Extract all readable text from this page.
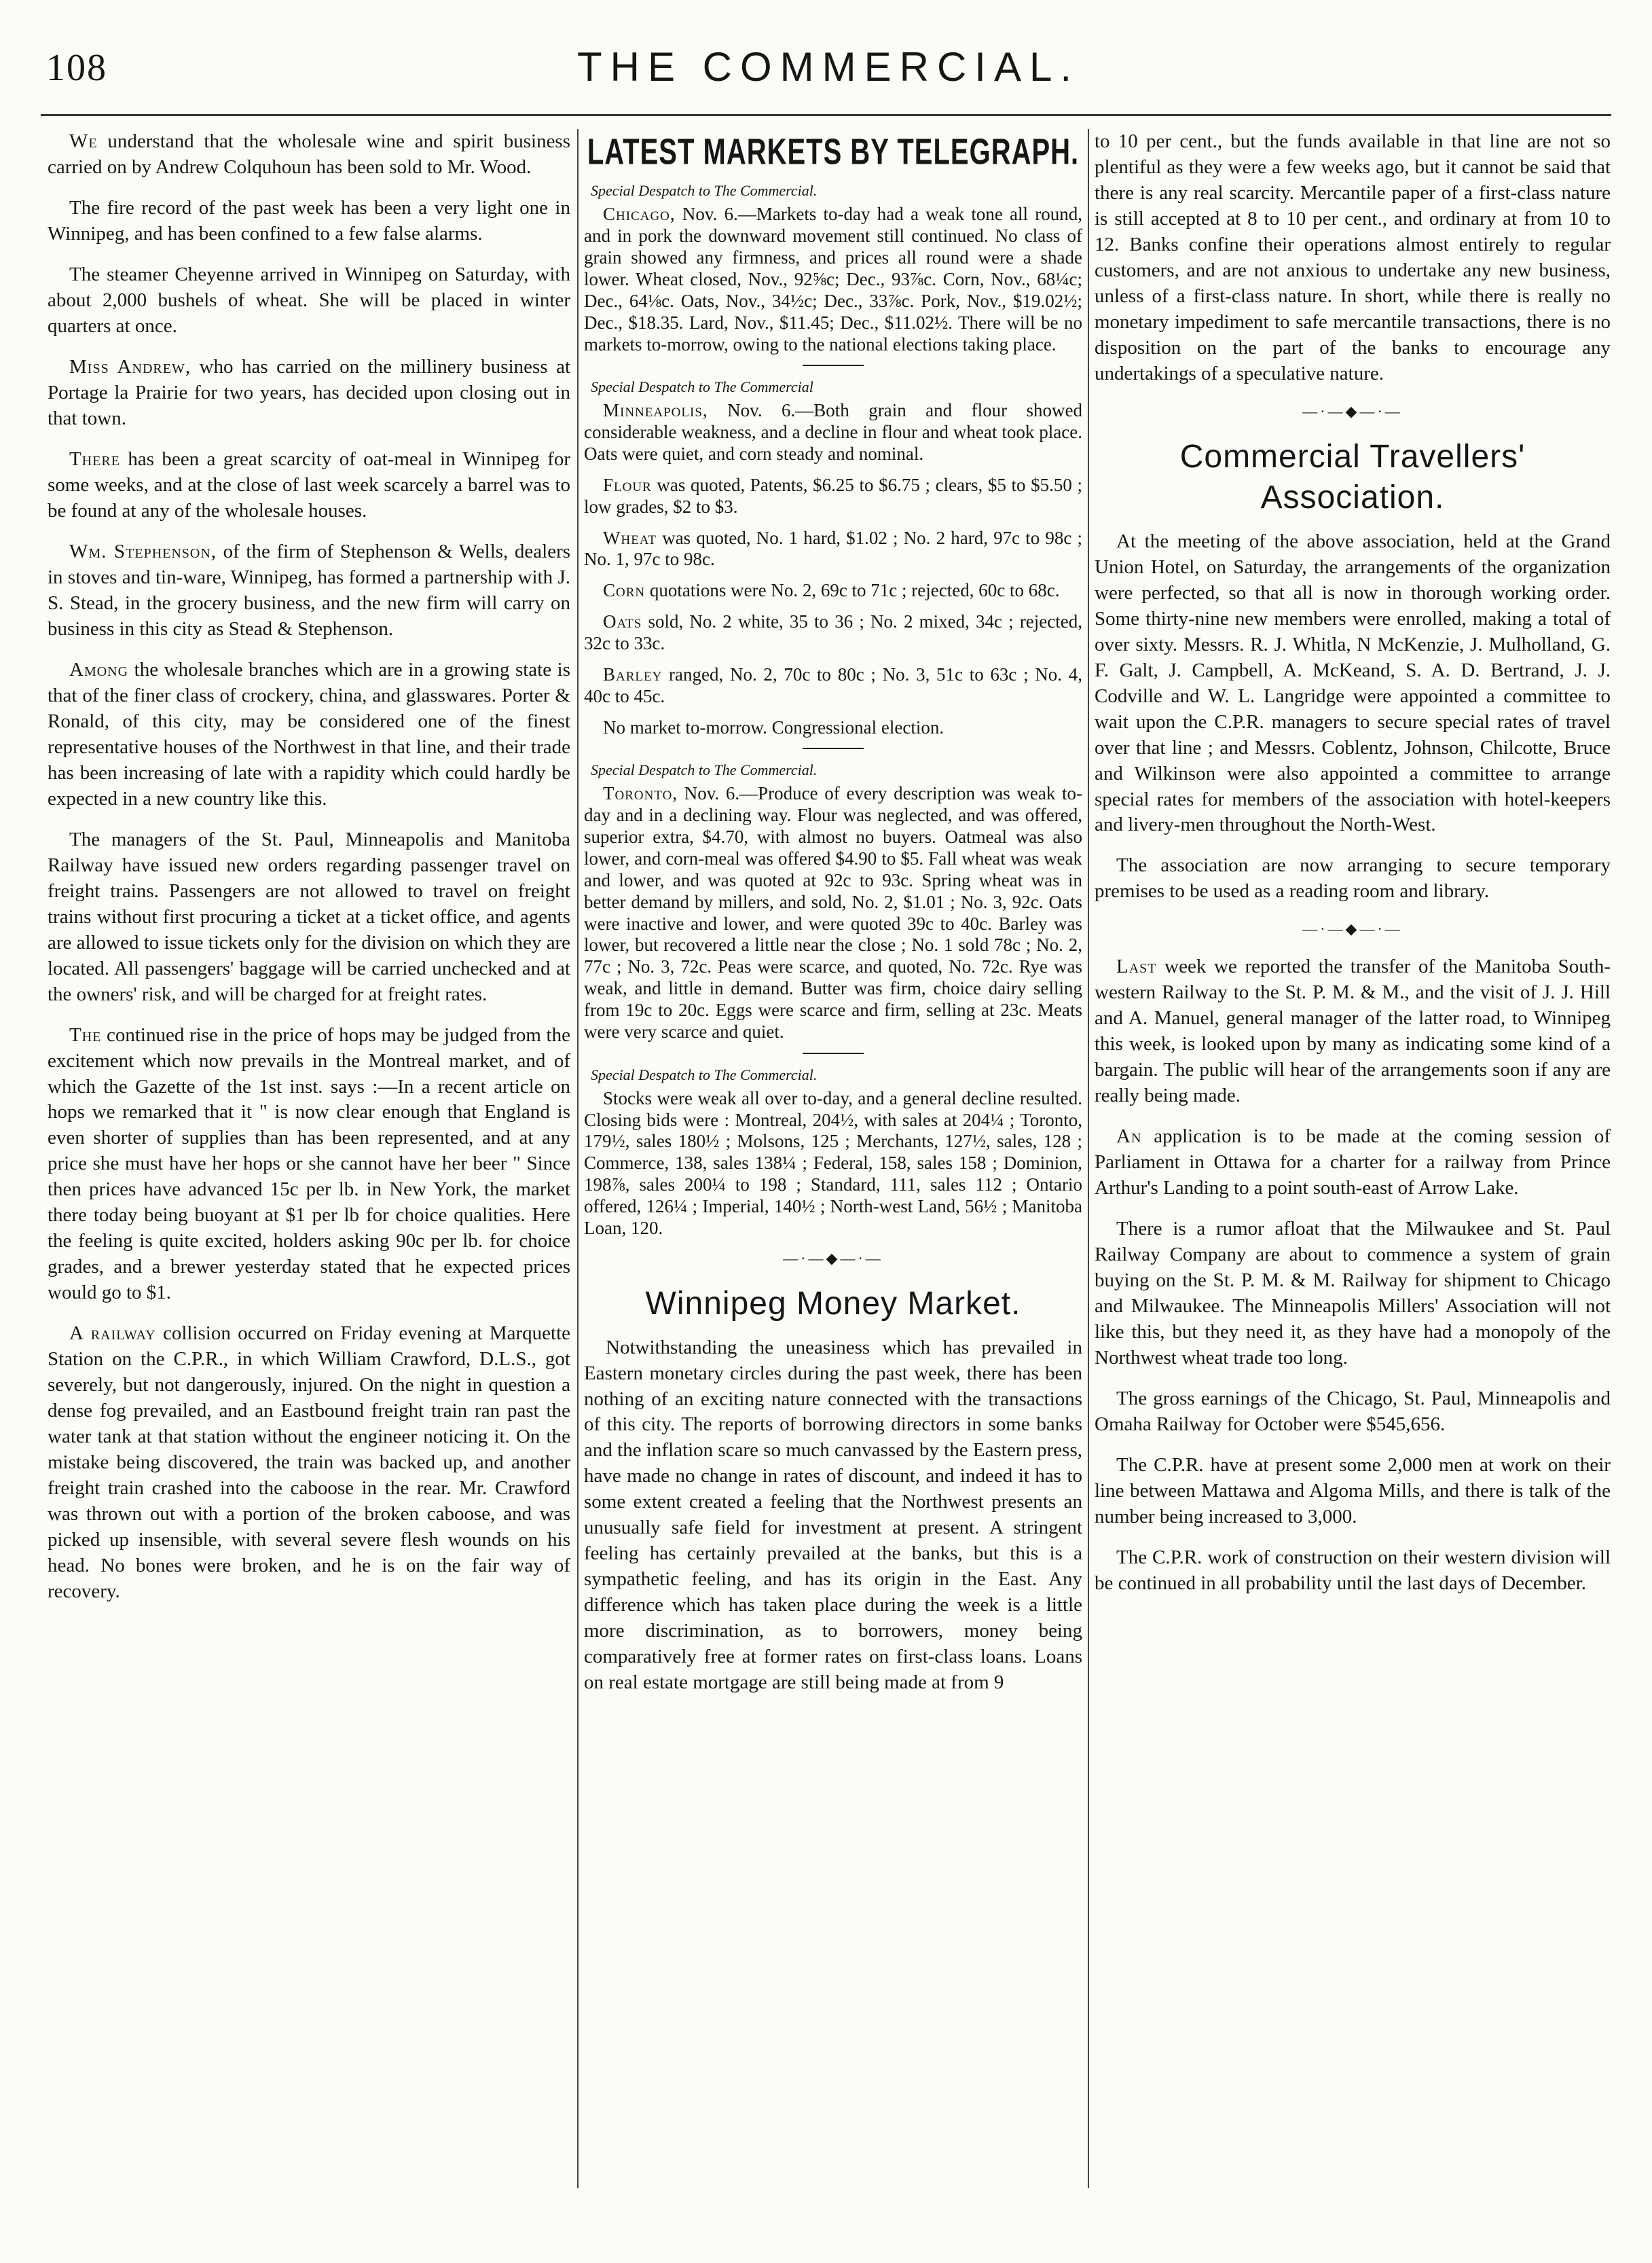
108	THE COMMERCIAL.

We understand that the wholesale wine and spirit business carried on by Andrew Colquhoun has been sold to Mr. Wood.

The fire record of the past week has been a very light one in Winnipeg, and has been confined to a few false alarms.

The steamer Cheyenne arrived in Winnipeg on Saturday, with about 2,000 bushels of wheat. She will be placed in winter quarters at once.

Miss Andrew, who has carried on the millinery business at Portage la Prairie for two years, has decided upon closing out in that town.

There has been a great scarcity of oat-meal in Winnipeg for some weeks, and at the close of last week scarcely a barrel was to be found at any of the wholesale houses.

Wm. Stephenson, of the firm of Stephenson & Wells, dealers in stoves and tin-ware, Winnipeg, has formed a partnership with J. S. Stead, in the grocery business, and the new firm will carry on business in this city as Stead & Stephenson.

Among the wholesale branches which are in a growing state is that of the finer class of crockery, china, and glasswares. Porter & Ronald, of this city, may be considered one of the finest representative houses of the Northwest in that line, and their trade has been increasing of late with a rapidity which could hardly be expected in a new country like this.

The managers of the St. Paul, Minneapolis and Manitoba Railway have issued new orders regarding passenger travel on freight trains. Passengers are not allowed to travel on freight trains without first procuring a ticket at a ticket office, and agents are allowed to issue tickets only for the division on which they are located. All passengers' baggage will be carried unchecked and at the owners' risk, and will be charged for at freight rates.

The continued rise in the price of hops may be judged from the excitement which now prevails in the Montreal market, and of which the Gazette of the 1st inst. says :—In a recent article on hops we remarked that it " is now clear enough that England is even shorter of supplies than has been represented, and at any price she must have her hops or she cannot have her beer " Since then prices have advanced 15c per lb. in New York, the market there today being buoyant at $1 per lb for choice qualities. Here the feeling is quite excited, holders asking 90c per lb. for choice grades, and a brewer yesterday stated that he expected prices would go to $1.

A railway collision occurred on Friday evening at Marquette Station on the C.P.R., in which William Crawford, D.L.S., got severely, but not dangerously, injured. On the night in question a dense fog prevailed, and an Eastbound freight train ran past the water tank at that station without the engineer noticing it. On the mistake being discovered, the train was backed up, and another freight train crashed into the caboose in the rear. Mr. Crawford was thrown out with a portion of the broken caboose, and was picked up insensible, with several severe flesh wounds on his head. No bones were broken, and he is on the fair way of recovery.

LATEST MARKETS BY TELEGRAPH.
Special Despatch to The Commercial.

Chicago, Nov. 6.—Markets to-day had a weak tone all round, and in pork the downward movement still continued. No class of grain showed any firmness, and prices all round were a shade lower. Wheat closed, Nov., 92⅝c; Dec., 93⅞c. Corn, Nov., 68¼c; Dec., 64⅛c. Oats, Nov., 34½c; Dec., 33⅞c. Pork, Nov., $19.02½; Dec., $18.35. Lard, Nov., $11.45; Dec., $11.02½. There will be no markets to-morrow, owing to the national elections taking place.

Special Despatch to The Commercial

Minneapolis, Nov. 6.—Both grain and flour showed considerable weakness, and a decline in flour and wheat took place. Oats were quiet, and corn steady and nominal.

Flour was quoted, Patents, $6.25 to $6.75 ; clears, $5 to $5.50 ; low grades, $2 to $3.

Wheat was quoted, No. 1 hard, $1.02 ; No. 2 hard, 97c to 98c ; No. 1, 97c to 98c.

Corn quotations were No. 2, 69c to 71c ; rejected, 60c to 68c.

Oats sold, No. 2 white, 35 to 36 ; No. 2 mixed, 34c ; rejected, 32c to 33c.

Barley ranged, No. 2, 70c to 80c ; No. 3, 51c to 63c ; No. 4, 40c to 45c.

No market to-morrow. Congressional election.

Special Despatch to The Commercial.

Toronto, Nov. 6.—Produce of every description was weak to-day and in a declining way. Flour was neglected, and was offered, superior extra, $4.70, with almost no buyers. Oatmeal was also lower, and corn-meal was offered $4.90 to $5. Fall wheat was weak and lower, and was quoted at 92c to 93c. Spring wheat was in better demand by millers, and sold, No. 2, $1.01 ; No. 3, 92c. Oats were inactive and lower, and were quoted 39c to 40c. Barley was lower, but recovered a little near the close ; No. 1 sold 78c ; No. 2, 77c ; No. 3, 72c. Peas were scarce, and quoted, No. 72c. Rye was weak, and little in demand. Butter was firm, choice dairy selling from 19c to 20c. Eggs were scarce and firm, selling at 23c. Meats were very scarce and quiet.

Special Despatch to The Commercial.

Stocks were weak all over to-day, and a general decline resulted. Closing bids were : Montreal, 204½, with sales at 204¼ ; Toronto, 179½, sales 180½ ; Molsons, 125 ; Merchants, 127½, sales, 128 ; Commerce, 138, sales 138¼ ; Federal, 158, sales 158 ; Dominion, 198⅞, sales 200¼ to 198 ; Standard, 111, sales 112 ; Ontario offered, 126¼ ; Imperial, 140½ ; North-west Land, 56½ ; Manitoba Loan, 120.

—·—◆—·—
Winnipeg Money Market.

Notwithstanding the uneasiness which has prevailed in Eastern monetary circles during the past week, there has been nothing of an exciting nature connected with the transactions of this city. The reports of borrowing directors in some banks and the inflation scare so much canvassed by the Eastern press, have made no change in rates of discount, and indeed it has to some extent created a feeling that the Northwest presents an unusually safe field for investment at present. A stringent feeling has certainly prevailed at the banks, but this is a sympathetic feeling, and has its origin in the East. Any difference which has taken place during the week is a little more discrimination, as to borrowers, money being comparatively free at former rates on first-class loans. Loans on real estate mortgage are still being made at from 9

to 10 per cent., but the funds available in that line are not so plentiful as they were a few weeks ago, but it cannot be said that there is any real scarcity. Mercantile paper of a first-class nature is still accepted at 8 to 10 per cent., and ordinary at from 10 to 12. Banks confine their operations almost entirely to regular customers, and are not anxious to undertake any new business, unless of a first-class nature. In short, while there is really no monetary impediment to safe mercantile transactions, there is no disposition on the part of the banks to encourage any undertakings of a speculative nature.

—·—◆—·—
Commercial Travellers' Association.

At the meeting of the above association, held at the Grand Union Hotel, on Saturday, the arrangements of the organization were perfected, so that all is now in thorough working order. Some thirty-nine new members were enrolled, making a total of over sixty. Messrs. R. J. Whitla, N McKenzie, J. Mulholland, G. F. Galt, J. Campbell, A. McKeand, S. A. D. Bertrand, J. J. Codville and W. L. Langridge were appointed a committee to wait upon the C.P.R. managers to secure special rates of travel over that line ; and Messrs. Coblentz, Johnson, Chilcotte, Bruce and Wilkinson were also appointed a committee to arrange special rates for members of the association with hotel-keepers and livery-men throughout the North-West.

The association are now arranging to secure temporary premises to be used as a reading room and library.

—·—◆—·—

Last week we reported the transfer of the Manitoba South-western Railway to the St. P. M. & M., and the visit of J. J. Hill and A. Manuel, general manager of the latter road, to Winnipeg this week, is looked upon by many as indicating some kind of a bargain. The public will hear of the arrangements soon if any are really being made.

An application is to be made at the coming session of Parliament in Ottawa for a charter for a railway from Prince Arthur's Landing to a point south-east of Arrow Lake.

There is a rumor afloat that the Milwaukee and St. Paul Railway Company are about to commence a system of grain buying on the St. P. M. & M. Railway for shipment to Chicago and Milwaukee. The Minneapolis Millers' Association will not like this, but they need it, as they have had a monopoly of the Northwest wheat trade too long.

The gross earnings of the Chicago, St. Paul, Minneapolis and Omaha Railway for October were $545,656.

The C.P.R. have at present some 2,000 men at work on their line between Mattawa and Algoma Mills, and there is talk of the number being increased to 3,000.

The C.P.R. work of construction on their western division will be continued in all probability until the last days of December.
